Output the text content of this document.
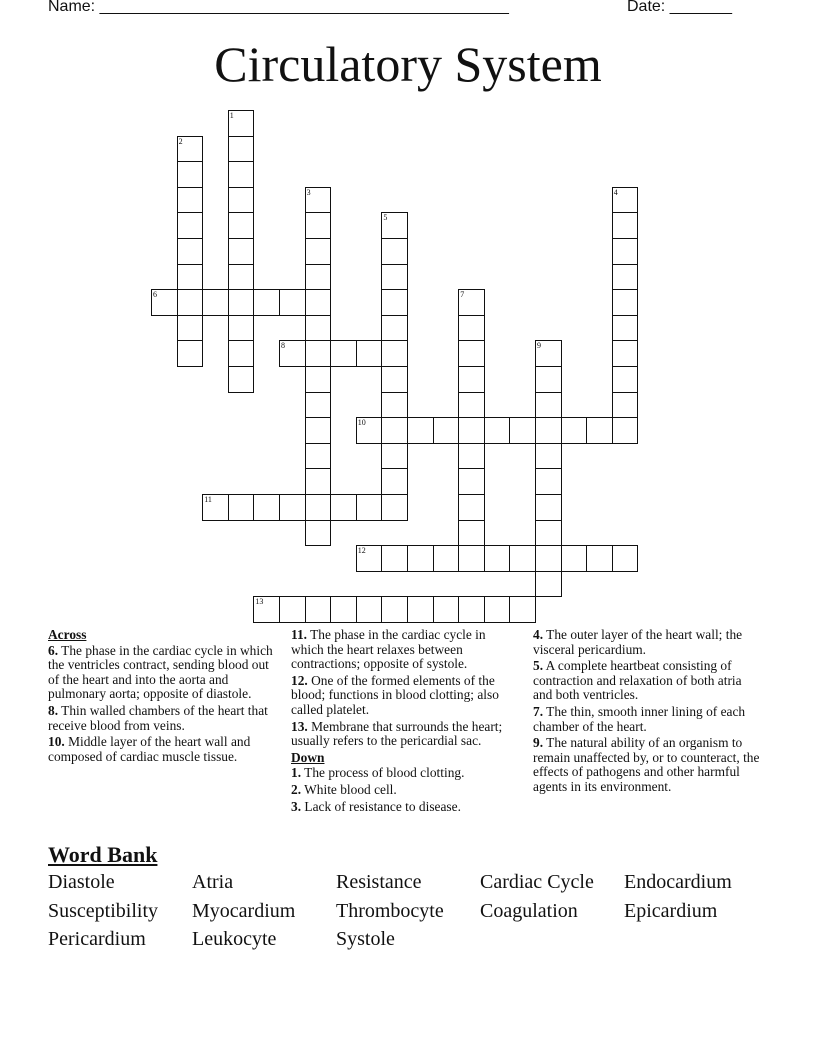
Name: ______________________________________________	Date: _______
Circulatory System
1
2
3	4
5
6	7
8	9
10
11
12
13
Across
6. The phase in the cardiac cycle in which the ventricles contract, sending blood out of the heart and into the aorta and pulmonary aorta; opposite of diastole.
8. Thin walled chambers of the heart that receive blood from veins.
10. Middle layer of the heart wall and composed of cardiac muscle tissue.
11. The phase in the cardiac cycle in which the heart relaxes between contractions; opposite of systole.
12. One of the formed elements of the blood; functions in blood clotting; also called platelet.
13. Membrane that surrounds the heart; usually refers to the pericardial sac.
Down
1. The process of blood clotting.
2. White blood cell.
3. Lack of resistance to disease.
4. The outer layer of the heart wall; the visceral pericardium.
5. A complete heartbeat consisting of contraction and relaxation of both atria and both ventricles.
7. The thin, smooth inner lining of each chamber of the heart.
9. The natural ability of an organism to remain unaffected by, or to counteract, the effects of pathogens and other harmful agents in its environment.
Word Bank
Diastole	Atria	Resistance	Cardiac Cycle	Endocardium
Susceptibility	Myocardium	Thrombocyte	Coagulation	Epicardium
Pericardium	Leukocyte	Systole
